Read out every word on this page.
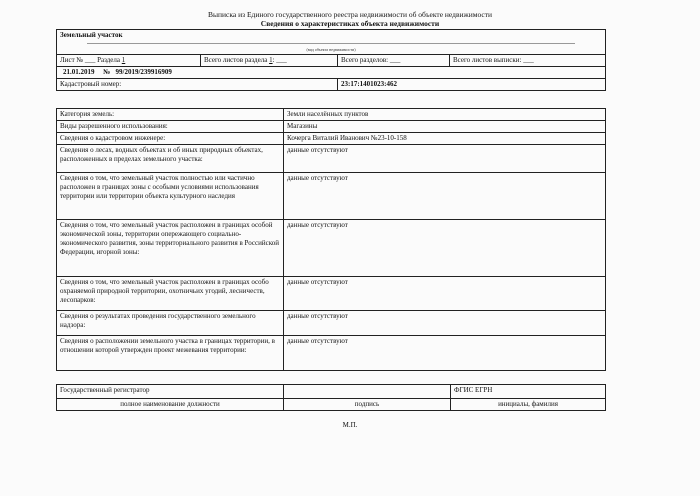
Выписка из Единого государственного реестра недвижимости об объекте недвижимости
Сведения о характеристиках объекта недвижимости
Земельный участок
(вид объекта недвижимости)			

Лист № ___ Раздела 1	Всего листов раздела 1: ___	Всего разделов: ___	Всего листов выписки: ___
21.01.2019 № 99/2019/239916909			
Кадастровый номер:		23:17:1401023:462	
Категория земель:	Земли населённых пунктов
Виды разрешенного использования:	Магазины
Сведения о кадастровом инженере:	Кочерга Виталий Иванович №23-10-158
Сведения о лесах, водных объектах и об иных природных объектах, расположенных в пределах земельного участка:	данные отсутствуют
Сведения о том, что земельный участок полностью или частично расположен в границах зоны с особыми условиями использования территории или территории объекта культурного наследия	данные отсутствуют
Сведения о том, что земельный участок расположен в границах особой экономической зоны, территории опережающего социально-экономического развития, зоны территориального развития в Российской Федерации, игорной зоны:	данные отсутствуют
Сведения о том, что земельный участок расположен в границах особо охраняемой природной территории, охотничьих угодий, лесничеств, лесопарков:	данные отсутствуют
Сведения о результатах проведения государственного земельного надзора:	данные отсутствуют
Сведения о расположении земельного участка в границах территории, в отношении которой утвержден проект межевания территории:	данные отсутствуют
Государственный регистратор		ФГИС ЕГРН
полное наименование должности	подпись	инициалы, фамилия
М.П.
